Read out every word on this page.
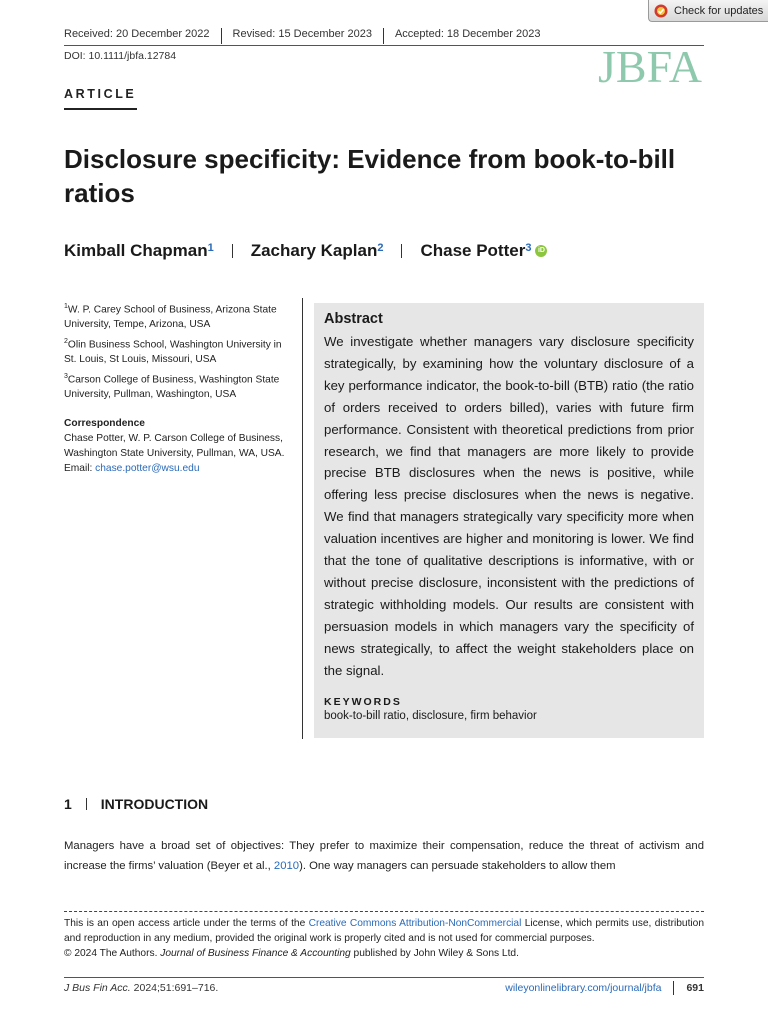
Check for updates
Received: 20 December 2022 Revised: 15 December 2023 Accepted: 18 December 2023
DOI: 10.1111/jbfa.12784	JBFA
ARTICLE
Disclosure specificity: Evidence from book-to-bill ratios
Kimball Chapman$^1$ Zachary Kaplan$^2$ Chase Potter$^3$ iD
$^1$W. P. Carey School of Business, Arizona State University, Tempe, Arizona, USA
$^2$Olin Business School, Washington University in St. Louis, St Louis, Missouri, USA
$^3$Carson College of Business, Washington State University, Pullman, Washington, USA
Correspondence
Chase Potter, W. P. Carson College of Business, Washington State University, Pullman, WA, USA.
Email: chase.potter@wsu.edu
Abstract
We investigate whether managers vary disclosure specificity strategically, by examining how the voluntary disclosure of a key performance indicator, the book-to-bill (BTB) ratio (the ratio of orders received to orders billed), varies with future firm performance. Consistent with theoretical predictions from prior research, we find that managers are more likely to provide precise BTB disclosures when the news is positive, while offering less precise disclosures when the news is negative. We find that managers strategically vary specificity more when valuation incentives are higher and monitoring is lower. We find that the tone of qualitative descriptions is informative, with or without precise disclosure, inconsistent with the predictions of strategic withholding models. Our results are consistent with persuasion models in which managers vary the specificity of news strategically, to affect the weight stakeholders place on the signal.
KEYWORDS
book-to-bill ratio, disclosure, firm behavior
1 INTRODUCTION
Managers have a broad set of objectives: They prefer to maximize their compensation, reduce the threat of activism and increase the firms’ valuation (Beyer et al., 2010). One way managers can persuade stakeholders to allow them
This is an open access article under the terms of the Creative Commons Attribution-NonCommercial License, which permits use, distribution and reproduction in any medium, provided the original work is properly cited and is not used for commercial purposes.
© 2024 The Authors. Journal of Business Finance & Accounting published by John Wiley & Sons Ltd.
J Bus Fin Acc. 2024;51:691–716.	wileyonlinelibrary.com/journal/jbfa 691
